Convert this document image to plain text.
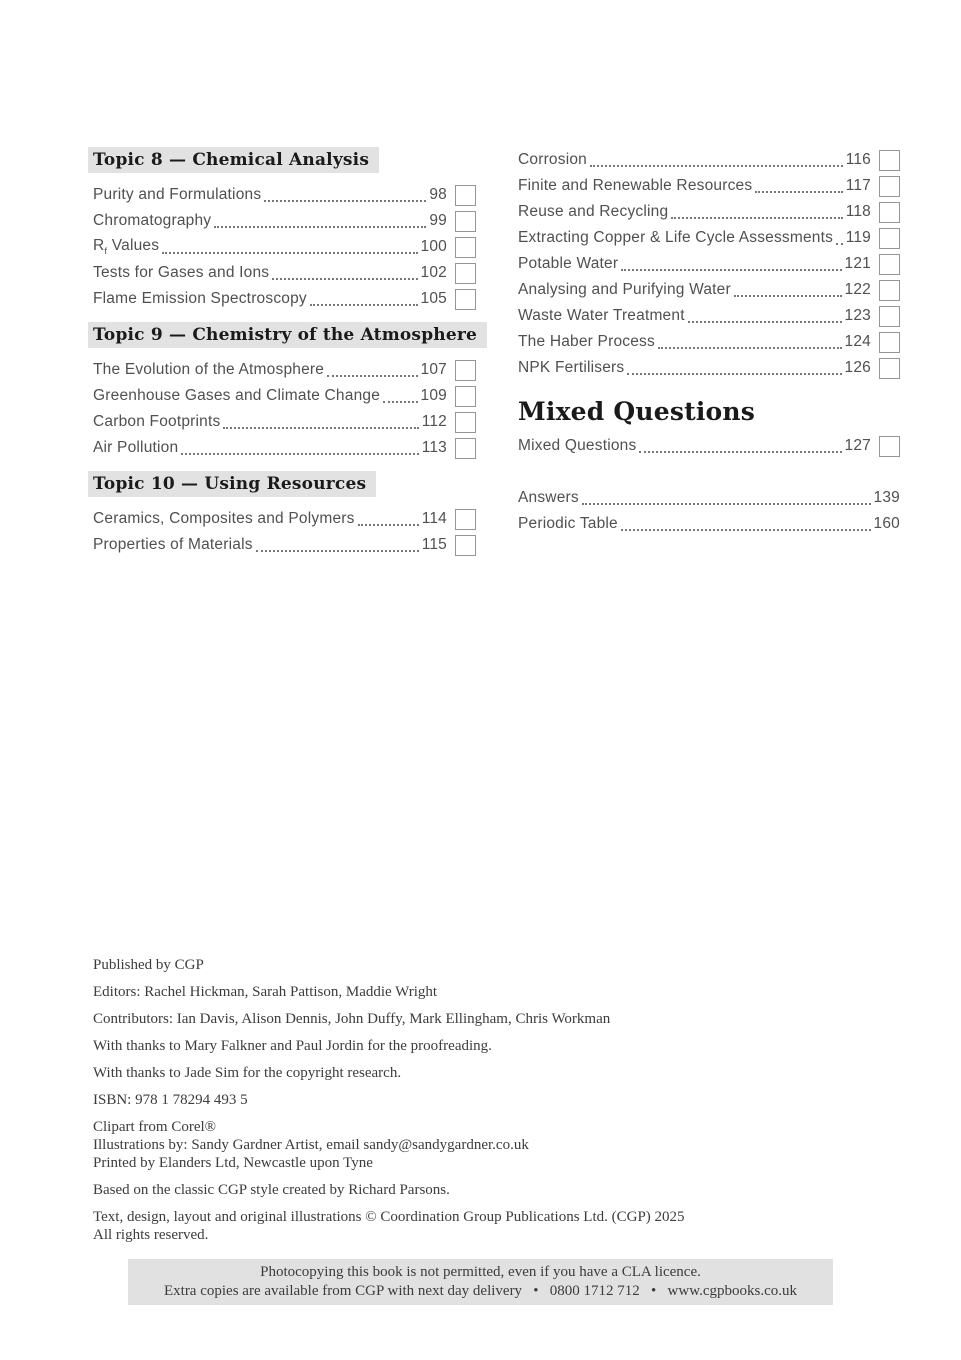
Topic 8 — Chemical Analysis
Purity and Formulations	98
Chromatography	99
$R_f$ Values	100
Tests for Gases and Ions	102
Flame Emission Spectroscopy	105
Topic 9 — Chemistry of the Atmosphere
The Evolution of the Atmosphere	107
Greenhouse Gases and Climate Change	109
Carbon Footprints	112
Air Pollution	113
Topic 10 — Using Resources
Ceramics, Composites and Polymers	114
Properties of Materials	115
Corrosion	116
Finite and Renewable Resources	117
Reuse and Recycling	118
Extracting Copper & Life Cycle Assessments 119
Potable Water	121
Analysing and Purifying Water	122
Waste Water Treatment	123
The Haber Process	124
NPK Fertilisers	126
Mixed Questions
Mixed Questions	127
Answers	139
Periodic Table	160
Published by CGP
Editors: Rachel Hickman, Sarah Pattison, Maddie Wright
Contributors: Ian Davis, Alison Dennis, John Duffy, Mark Ellingham, Chris Workman
With thanks to Mary Falkner and Paul Jordin for the proofreading.
With thanks to Jade Sim for the copyright research.
ISBN: 978 1 78294 493 5
Clipart from Corel®
Illustrations by: Sandy Gardner Artist, email sandy@sandygardner.co.uk
Printed by Elanders Ltd, Newcastle upon Tyne
Based on the classic CGP style created by Richard Parsons.
Text, design, layout and original illustrations © Coordination Group Publications Ltd. (CGP) 2025
All rights reserved.
Photocopying this book is not permitted, even if you have a CLA licence.
Extra copies are available from CGP with next day delivery  •  0800 1712 712  •  www.cgpbooks.co.uk
